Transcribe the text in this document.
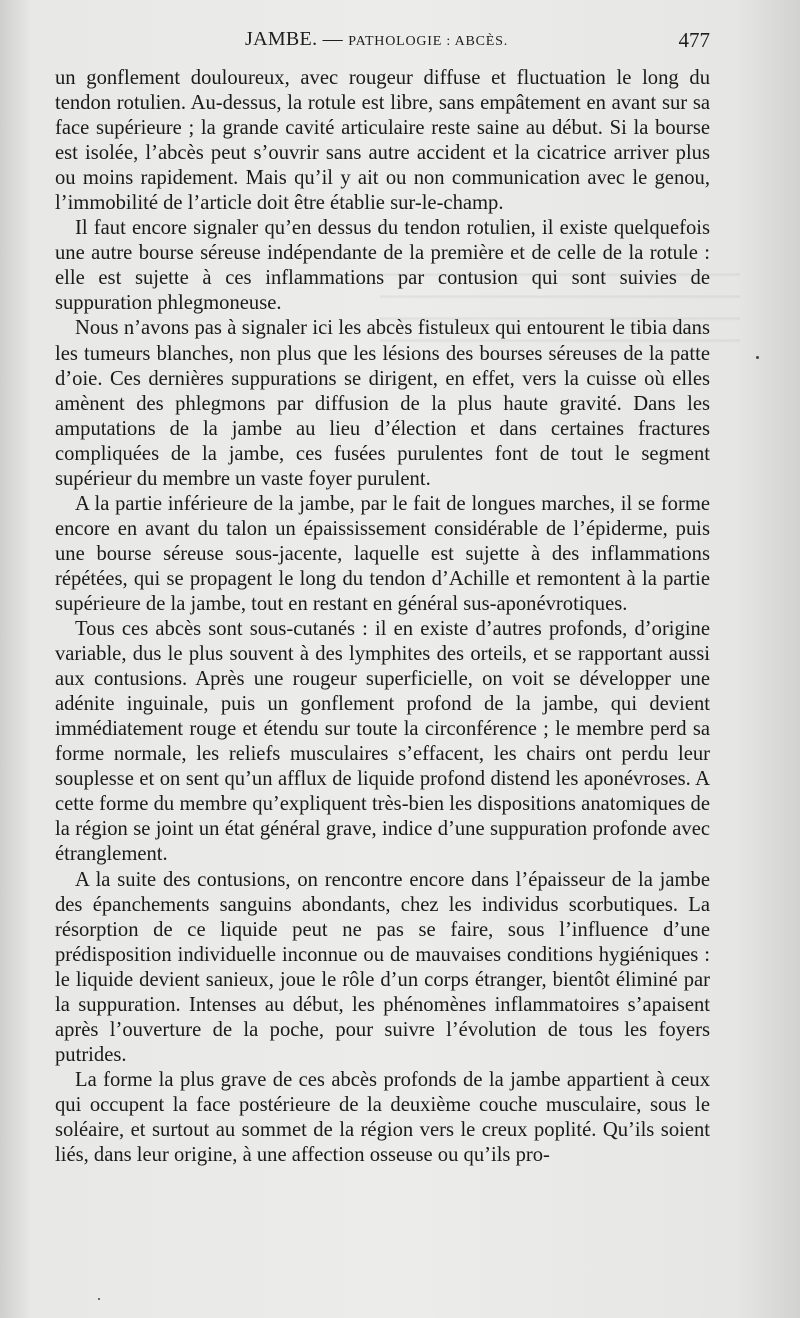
JAMBE. — PATHOLOGIE : ABCÈS.	477

un gonflement douloureux, avec rougeur diffuse et fluctuation le long du tendon rotulien. Au-dessus, la rotule est libre, sans empâtement en avant sur sa face supérieure ; la grande cavité articulaire reste saine au début. Si la bourse est isolée, l’abcès peut s’ouvrir sans autre accident et la cicatrice arriver plus ou moins rapidement. Mais qu’il y ait ou non communication avec le genou, l’immobilité de l’article doit être établie sur-le-champ.

Il faut encore signaler qu’en dessus du tendon rotulien, il existe quelquefois une autre bourse séreuse indépendante de la première et de celle de la rotule : elle est sujette à ces inflammations par contusion qui sont suivies de suppuration phlegmoneuse.

Nous n’avons pas à signaler ici les abcès fistuleux qui entourent le tibia dans les tumeurs blanches, non plus que les lésions des bourses séreuses de la patte d’oie. Ces dernières suppurations se dirigent, en effet, vers la cuisse où elles amènent des phlegmons par diffusion de la plus haute gravité. Dans les amputations de la jambe au lieu d’élection et dans certaines fractures compliquées de la jambe, ces fusées purulentes font de tout le segment supérieur du membre un vaste foyer purulent.

A la partie inférieure de la jambe, par le fait de longues marches, il se forme encore en avant du talon un épaississement considérable de l’épiderme, puis une bourse séreuse sous-jacente, laquelle est sujette à des inflammations répétées, qui se propagent le long du tendon d’Achille et remontent à la partie supérieure de la jambe, tout en restant en général sus-aponévrotiques.

Tous ces abcès sont sous-cutanés : il en existe d’autres profonds, d’origine variable, dus le plus souvent à des lymphites des orteils, et se rapportant aussi aux contusions. Après une rougeur superficielle, on voit se développer une adénite inguinale, puis un gonflement profond de la jambe, qui devient immédiatement rouge et étendu sur toute la circonférence ; le membre perd sa forme normale, les reliefs musculaires s’effacent, les chairs ont perdu leur souplesse et on sent qu’un afflux de liquide profond distend les aponévroses. A cette forme du membre qu’expliquent très-bien les dispositions anatomiques de la région se joint un état général grave, indice d’une suppuration profonde avec étranglement.

A la suite des contusions, on rencontre encore dans l’épaisseur de la jambe des épanchements sanguins abondants, chez les individus scorbutiques. La résorption de ce liquide peut ne pas se faire, sous l’influence d’une prédisposition individuelle inconnue ou de mauvaises conditions hygiéniques : le liquide devient sanieux, joue le rôle d’un corps étranger, bientôt éliminé par la suppuration. Intenses au début, les phénomènes inflammatoires s’apaisent après l’ouverture de la poche, pour suivre l’évolution de tous les foyers putrides.

La forme la plus grave de ces abcès profonds de la jambe appartient à ceux qui occupent la face postérieure de la deuxième couche musculaire, sous le soléaire, et surtout au sommet de la région vers le creux poplité. Qu’ils soient liés, dans leur origine, à une affection osseuse ou qu’ils pro-
